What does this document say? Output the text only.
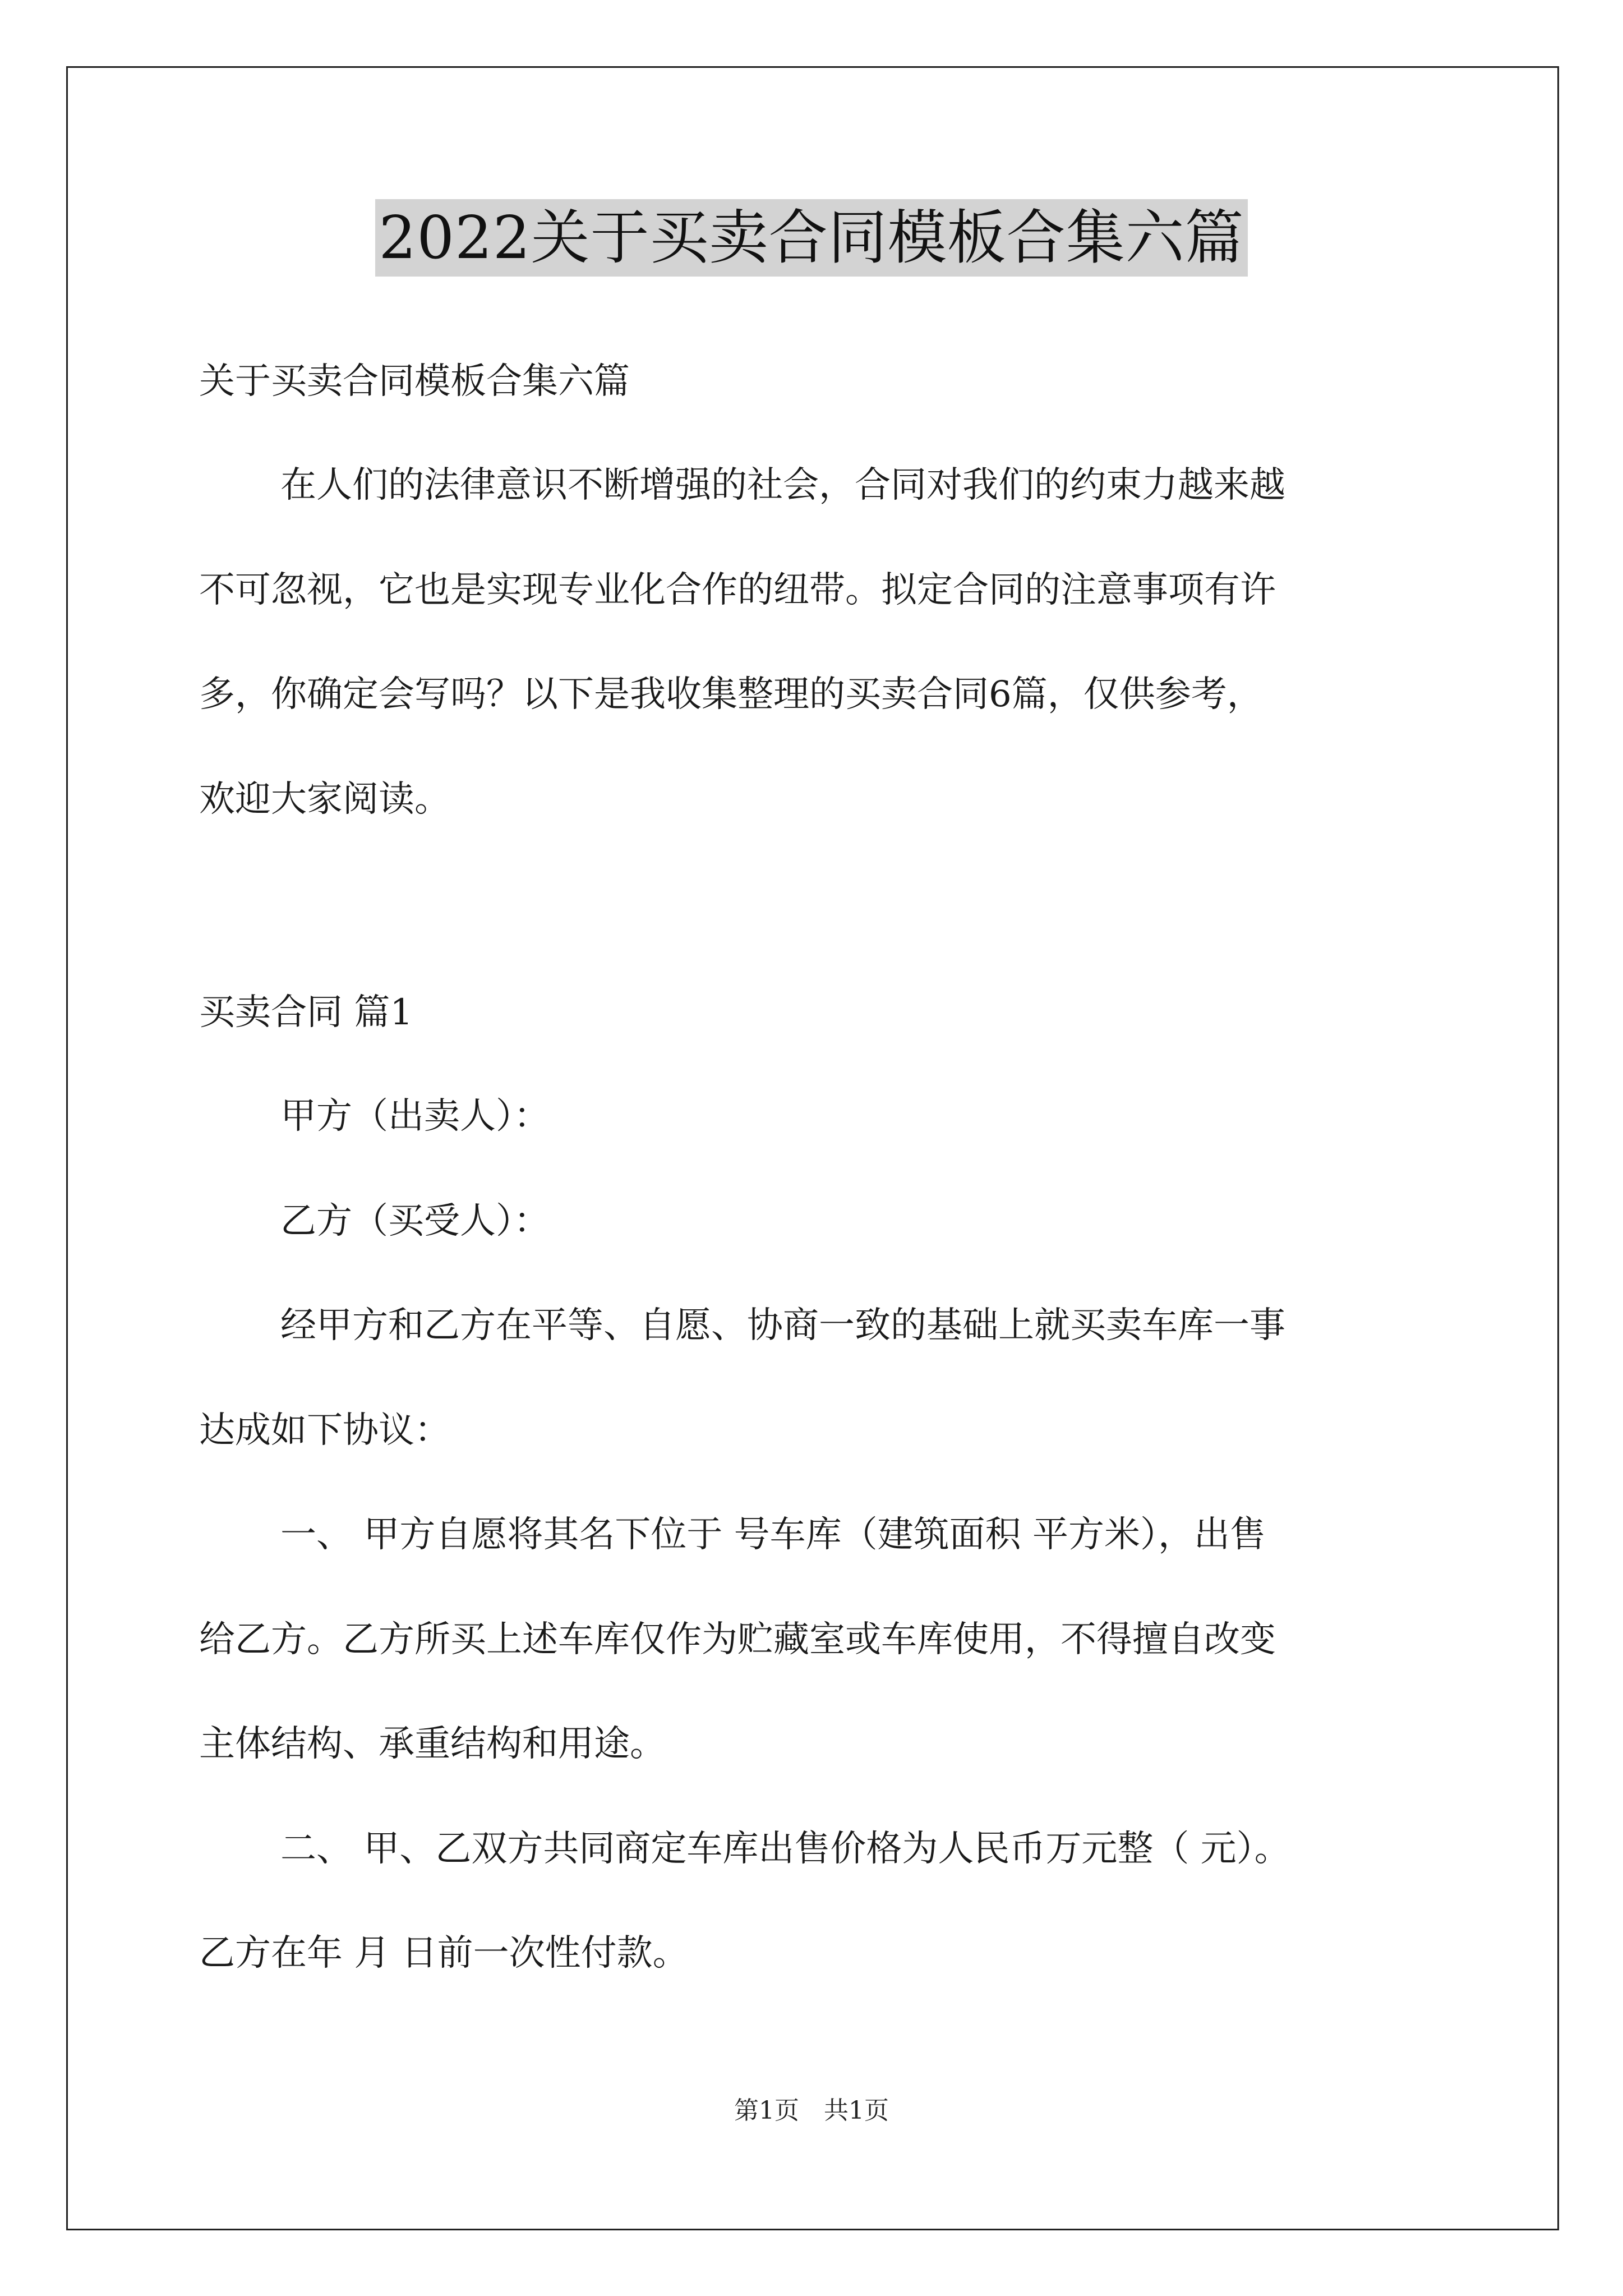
2022关于买卖合同模板合集六篇
关于买卖合同模板合集六篇
在人们的法律意识不断增强的社会，合同对我们的约束力越来越
不可忽视，它也是实现专业化合作的纽带。拟定合同的注意事项有许
多，你确定会写吗？以下是我收集整理的买卖合同6篇，仅供参考，
欢迎大家阅读。
买卖合同 篇1
甲方（出卖人）：
乙方（买受人）：
经甲方和乙方在平等、自愿、协商一致的基础上就买卖车库一事
达成如下协议：
一、 甲方自愿将其名下位于 号车库（建筑面积 平方米），出售
给乙方。乙方所买上述车库仅作为贮藏室或车库使用，不得擅自改变
主体结构、承重结构和用途。
二、 甲、乙双方共同商定车库出售价格为人民币万元整（ 元）。
乙方在年 月 日前一次性付款。
第1页　共1页
